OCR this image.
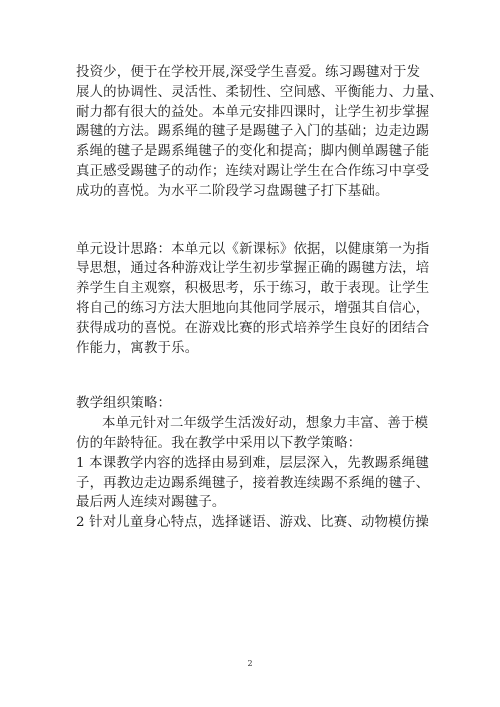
投资少，便于在学校开展,深受学生喜爱。练习踢毽对于发
展人的协调性、灵活性、柔韧性、空间感、平衡能力、力量、
耐力都有很大的益处。本单元安排四课时，让学生初步掌握
踢毽的方法。踢系绳的毽子是踢毽子入门的基础；边走边踢
系绳的毽子是踢系绳毽子的变化和提高；脚内侧单踢毽子能
真正感受踢毽子的动作；连续对踢让学生在合作练习中享受
成功的喜悦。为水平二阶段学习盘踢毽子打下基础。
单元设计思路：本单元以《新课标》依据，以健康第一为指
导思想，通过各种游戏让学生初步掌握正确的踢毽方法，培
养学生自主观察，积极思考，乐于练习，敢于表现。让学生
将自己的练习方法大胆地向其他同学展示，增强其自信心，
获得成功的喜悦。在游戏比赛的形式培养学生良好的团结合
作能力，寓教于乐。
教学组织策略：
本单元针对二年级学生活泼好动，想象力丰富、善于模
仿的年龄特征。我在教学中采用以下教学策略：
1 本课教学内容的选择由易到难，层层深入，先教踢系绳毽
子，再教边走边踢系绳毽子，接着教连续踢不系绳的毽子、
最后两人连续对踢毽子。
2 针对儿童身心特点，选择谜语、游戏、比赛、动物模仿操
2
